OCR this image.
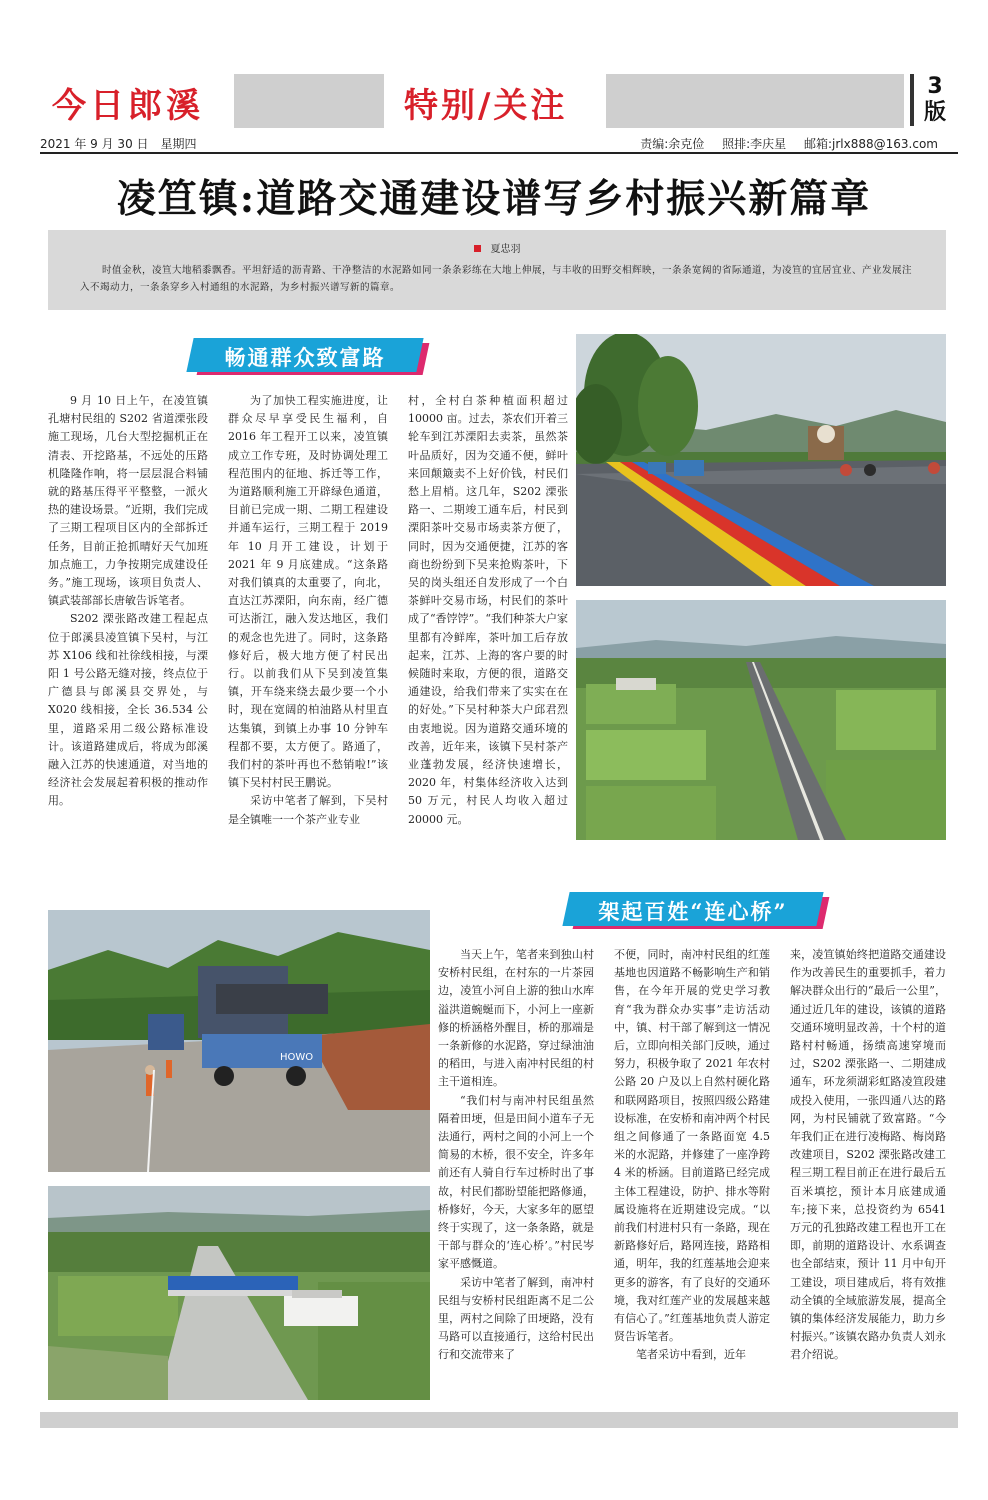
今日郎溪	特别/关注	3
版
2021 年 9 月 30 日　星期四	责编:余克俭 照排:李庆星 邮箱:jrlx888@163.com
凌笪镇:道路交通建设谱写乡村振兴新篇章
夏忠羽
时值金秋，凌笪大地稻黍飘香。平坦舒适的沥青路、干净整洁的水泥路如同一条条彩练在大地上伸展，与丰收的田野交相辉映，一条条宽阔的省际通道，为凌笪的宜居宜业、产业发展注入不竭动力，一条条穿乡入村通组的水泥路，为乡村振兴谱写新的篇章。
畅通群众致富路

9 月 10 日上午，在凌笪镇孔塘村民组的 S202 省道溧张段施工现场，几台大型挖掘机正在清表、开挖路基，不远处的压路机隆隆作响，将一层层混合料铺就的路基压得平平整整，一派火热的建设场景。“近期，我们完成了三期工程项目区内的全部拆迁任务，目前正抢抓晴好天气加班加点施工，力争按期完成建设任务。”施工现场，该项目负责人、镇武装部部长唐敏告诉笔者。

S202 溧张路改建工程起点位于郎溪县凌笪镇下吴村，与江苏 X106 线和社徐线相接，与溧阳 1 号公路无缝对接，终点位于广德县与郎溪县交界处，与 X020 线相接，全长 36.534 公里，道路采用二级公路标准设计。该道路建成后，将成为郎溪融入江苏的快速通道，对当地的经济社会发展起着积极的推动作用。

为了加快工程实施进度，让群众尽早享受民生福利，自 2016 年工程开工以来，凌笪镇成立工作专班，及时协调处理工程范围内的征地、拆迁等工作，为道路顺利施工开辟绿色通道，目前已完成一期、二期工程建设并通车运行，三期工程于 2019 年 10 月开工建设，计划于 2021 年 9 月底建成。“这条路对我们镇真的太重要了，向北，直达江苏溧阳，向东南，经广德可达浙江，融入发达地区，我们的观念也先进了。同时，这条路修好后，极大地方便了村民出行。以前我们从下吴到凌笪集镇，开车绕来绕去最少要一个小时，现在宽阔的柏油路从村里直达集镇，到镇上办事 10 分钟车程都不要，太方便了。路通了，我们村的茶叶再也不愁销啦!”该镇下吴村村民王鹏说。

采访中笔者了解到，下吴村是全镇唯一一个茶产业专业

村，全村白茶种植面积超过 10000 亩。过去，茶农们开着三轮车到江苏溧阳去卖茶，虽然茶叶品质好，因为交通不便，鲜叶来回颠簸卖不上好价钱，村民们愁上眉梢。这几年，S202 溧张路一、二期竣工通车后，村民到溧阳茶叶交易市场卖茶方便了，同时，因为交通便捷，江苏的客商也纷纷到下吴来抢购茶叶，下吴的岗头组还自发形成了一个白茶鲜叶交易市场，村民们的茶叶成了“香饽饽”。“我们种茶大户家里都有冷鲜库，茶叶加工后存放起来，江苏、上海的客户要的时候随时来取，方便的很，道路交通建设，给我们带来了实实在在的好处。”下吴村种茶大户邱君烈由衷地说。因为道路交通环境的改善，近年来，该镇下吴村茶产业蓬勃发展，经济快速增长，2020 年，村集体经济收入达到 50 万元，村民人均收入超过 20000 元。

架起百姓“连心桥”
HOWO

当天上午，笔者来到独山村安桥村民组，在村东的一片茶园边，凌笪小河自上游的独山水库溢洪道蜿蜒而下，小河上一座新修的桥涵格外醒目，桥的那端是一条新修的水泥路，穿过绿油油的稻田，与进入南冲村民组的村主干道相连。

“我们村与南冲村民组虽然隔着田埂，但是田间小道车子无法通行，两村之间的小河上一个简易的木桥，很不安全，许多年前还有人骑自行车过桥时出了事故，村民们都盼望能把路修通，桥修好，今天，大家多年的愿望终于实现了，这一条条路，就是干部与群众的‘连心桥’。”村民岑家平感慨道。

采访中笔者了解到，南冲村民组与安桥村民组距离不足二公里，两村之间除了田埂路，没有马路可以直接通行，这给村民出行和交流带来了

不便，同时，南冲村民组的红莲基地也因道路不畅影响生产和销售，在今年开展的党史学习教育“我为群众办实事”走访活动中，镇、村干部了解到这一情况后，立即向相关部门反映，通过努力，积极争取了 2021 年农村公路 20 户及以上自然村硬化路和联网路项目，按照四级公路建设标准，在安桥和南冲两个村民组之间修通了一条路面宽 4.5 米的水泥路，并修建了一座净跨 4 米的桥涵。目前道路已经完成主体工程建设，防护、排水等附属设施将在近期建设完成。“以前我们村进村只有一条路，现在新路修好后，路网连接，路路相通，明年，我的红莲基地会迎来更多的游客，有了良好的交通环境，我对红莲产业的发展越来越有信心了。”红莲基地负责人游定贤告诉笔者。

笔者采访中看到，近年

来，凌笪镇始终把道路交通建设作为改善民生的重要抓手，着力解决群众出行的“最后一公里”，通过近几年的建设，该镇的道路交通环境明显改善，十个村的道路村村畅通，扬绩高速穿境而过，S202 溧张路一、二期建成通车，环龙须湖彩虹路凌笪段建成投入使用，一张四通八达的路网，为村民铺就了致富路。“今年我们正在进行凌梅路、梅岗路改建项目，S202 溧张路改建工程三期工程目前正在进行最后五百米填挖，预计本月底建成通车;接下来，总投资约为 6541 万元的孔独路改建工程也开工在即，前期的道路设计、水系调查也全部结束，预计 11 月中旬开工建设，项目建成后，将有效推动全镇的全域旅游发展，提高全镇的集体经济发展能力，助力乡村振兴。”该镇农路办负责人刘永君介绍说。
